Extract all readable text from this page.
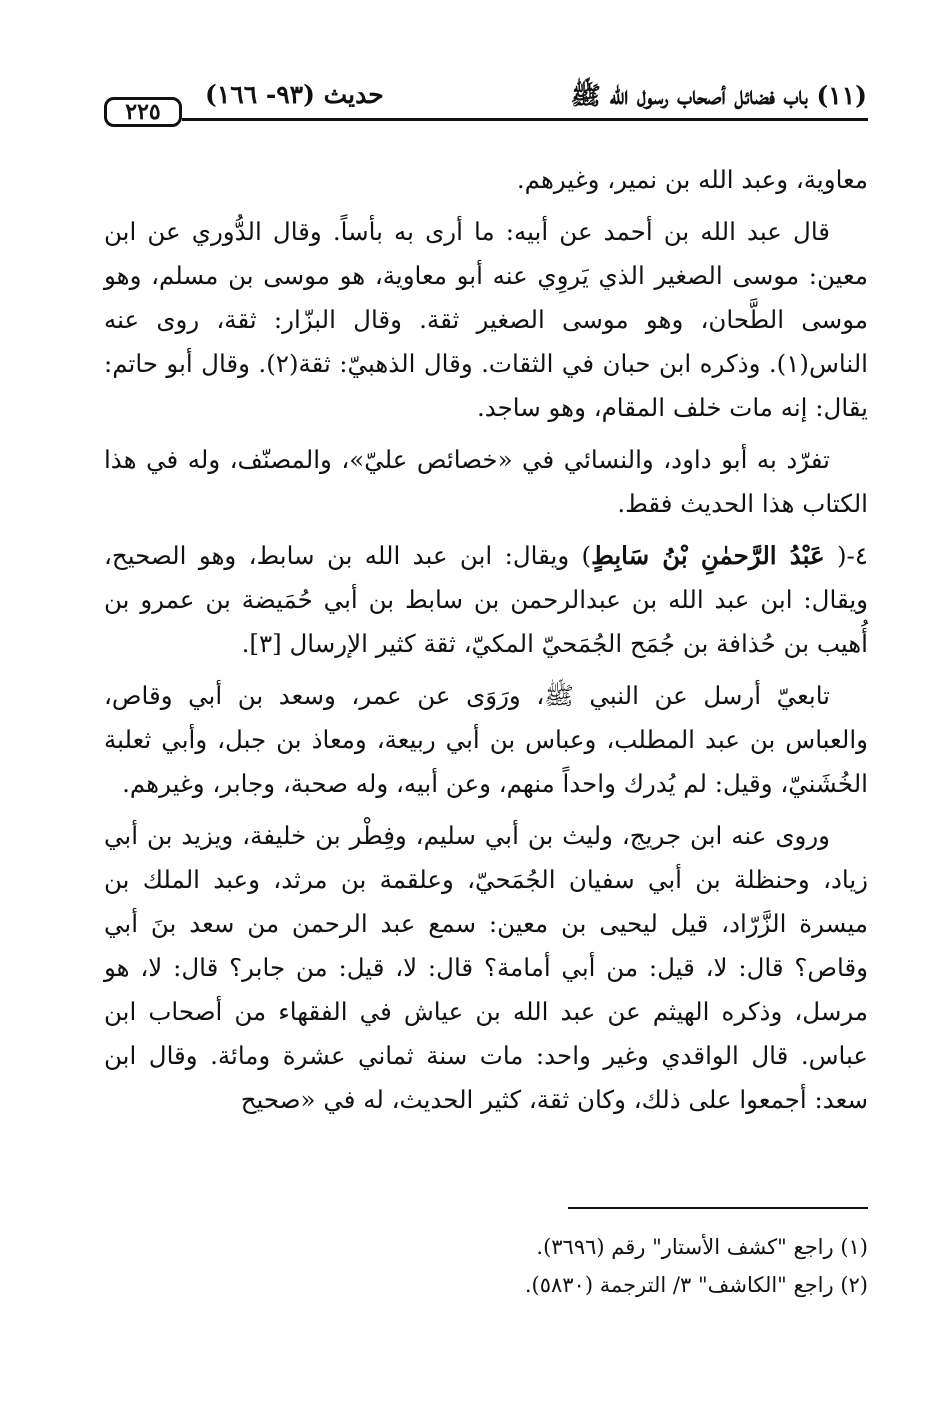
٢٢٥
حديث (٩٣- ١٦٦)	(١١) باب فضائل أصحاب رسول الله ﷺ

معاوية، وعبد الله بن نمير، وغيرهم.

قال عبد الله بن أحمد عن أبيه: ما أرى به بأساً. وقال الدُّوري عن ابن معين: موسى الصغير الذي يَروِي عنه أبو معاوية، هو موسى بن مسلم، وهو موسى الطَّحان، وهو موسى الصغير ثقة. وقال البزّار: ثقة، روى عنه الناس(١). وذكره ابن حبان في الثقات. وقال الذهبيّ: ثقة(٢). وقال أبو حاتم: يقال: إنه مات خلف المقام، وهو ساجد.

تفرّد به أبو داود، والنسائي في «خصائص عليّ»، والمصنّف، وله في هذا الكتاب هذا الحديث فقط.

٤-( عَبْدُ الرَّحمٰنِ بْنُ سَابِطٍ) ويقال: ابن عبد الله بن سابط، وهو الصحيح، ويقال: ابن عبد الله بن عبدالرحمن بن سابط بن أبي حُمَيضة بن عمرو بن أُهيب بن حُذافة بن جُمَح الجُمَحيّ المكيّ، ثقة كثير الإرسال [٣].

تابعيّ أرسل عن النبي ﷺ، ورَوَى عن عمر، وسعد بن أبي وقاص، والعباس بن عبد المطلب، وعباس بن أبي ربيعة، ومعاذ بن جبل، وأبي ثعلبة الخُشَنيّ، وقيل: لم يُدرك واحداً منهم، وعن أبيه، وله صحبة، وجابر، وغيرهم.

وروى عنه ابن جريج، وليث بن أبي سليم، وفِطْر بن خليفة، ويزيد بن أبي زياد، وحنظلة بن أبي سفيان الجُمَحيّ، وعلقمة بن مرثد، وعبد الملك بن ميسرة الزَّرّاد، قيل ليحيى بن معين: سمع عبد الرحمن من سعد بنَ أبي وقاص؟ قال: لا، قيل: من أبي أمامة؟ قال: لا، قيل: من جابر؟ قال: لا، هو مرسل، وذكره الهيثم عن عبد الله بن عياش في الفقهاء من أصحاب ابن عباس. قال الواقدي وغير واحد: مات سنة ثماني عشرة ومائة. وقال ابن سعد: أجمعوا على ذلك، وكان ثقة، كثير الحديث، له في «صحيح

(١) راجع "كشف الأستار" رقم (٣٦٩٦).

(٢) راجع "الكاشف" ٣/ الترجمة (٥٨٣٠).
